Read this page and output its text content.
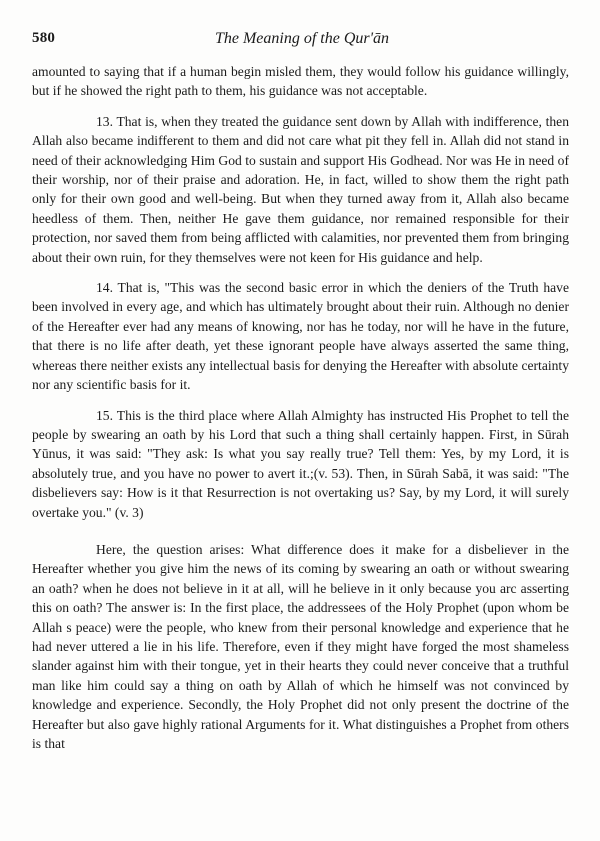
580	The Meaning of the Qur'ān

amounted to saying that if a human begin misled them, they would follow his guidance willingly, but if he showed the right path to them, his guidance was not acceptable.

13. That is, when they treated the guidance sent down by Allah with indifference, then Allah also became indifferent to them and did not care what pit they fell in. Allah did not stand in need of their acknowledging Him God to sustain and support His Godhead. Nor was He in need of their worship, nor of their praise and adoration. He, in fact, willed to show them the right path only for their own good and well-being. But when they turned away from it, Allah also became heedless of them. Then, neither He gave them guidance, nor remained responsible for their protection, nor saved them from being afflicted with calamities, nor prevented them from bringing about their own ruin, for they themselves were not keen for His guidance and help.

14. That is, "This was the second basic error in which the deniers of the Truth have been involved in every age, and which has ultimately brought about their ruin. Although no denier of the Hereafter ever had any means of knowing, nor has he today, nor will he have in the future, that there is no life after death, yet these ignorant people have always asserted the same thing, whereas there neither exists any intellectual basis for denying the Hereafter with absolute certainty nor any scientific basis for it.

15. This is the third place where Allah Almighty has instructed His Prophet to tell the people by swearing an oath by his Lord that such a thing shall certainly happen. First, in Sūrah Yūnus, it was said: "They ask: Is what you say really true? Tell them: Yes, by my Lord, it is absolutely true, and you have no power to avert it.;(v. 53). Then, in Sūrah Sabā, it was said: "The disbelievers say: How is it that Resurrection is not overtaking us? Say, by my Lord, it will surely overtake you." (v. 3)

Here, the question arises: What difference does it make for a disbeliever in the Hereafter whether you give him the news of its coming by swearing an oath or without swearing an oath? when he does not believe in it at all, will he believe in it only because you arc asserting this on oath? The answer is: In the first place, the addressees of the Holy Prophet (upon whom be Allah s peace) were the people, who knew from their personal knowledge and experience that he had never uttered a lie in his life. Therefore, even if they might have forged the most shameless slander against him with their tongue, yet in their hearts they could never conceive that a truthful man like him could say a thing on oath by Allah of which he himself was not convinced by knowledge and experience. Secondly, the Holy Prophet did not only present the doctrine of the Hereafter but also gave highly rational Arguments for it. What distinguishes a Prophet from others is that
